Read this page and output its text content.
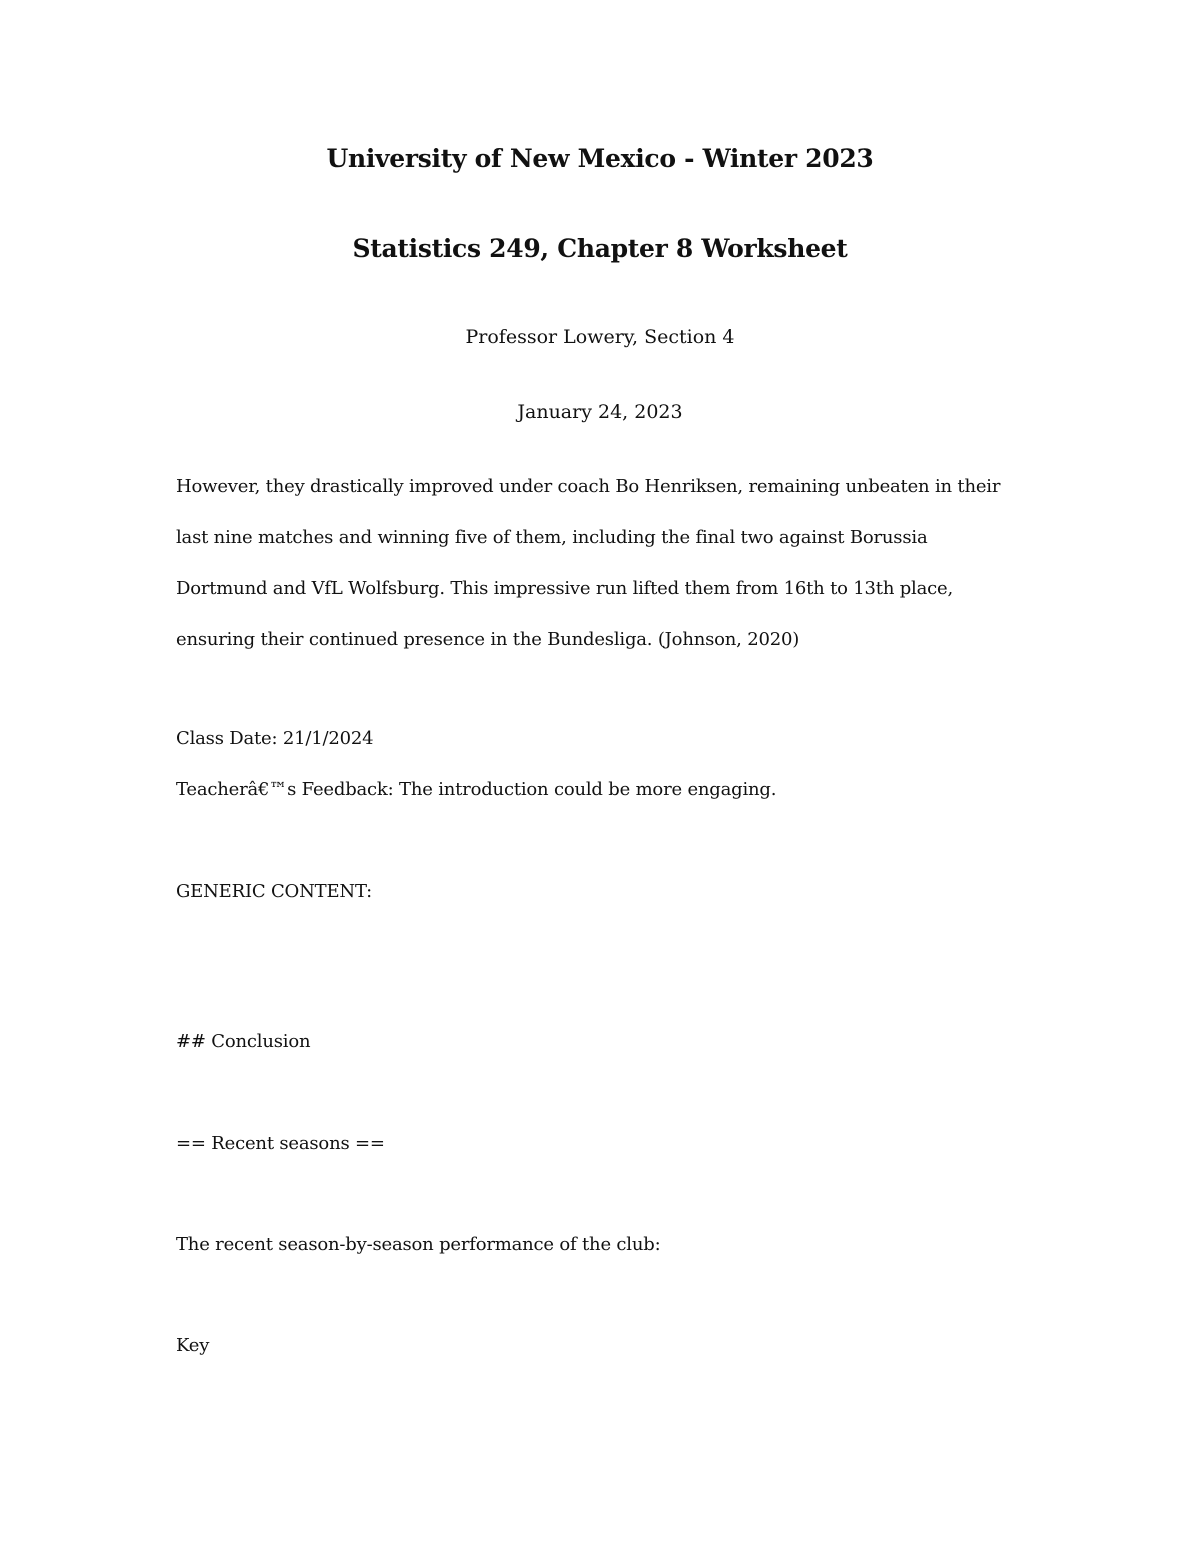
University of New Mexico - Winter 2023
Statistics 249, Chapter 8 Worksheet
Professor Lowery, Section 4
January 24, 2023
However, they drastically improved under coach Bo Henriksen, remaining unbeaten in their
last nine matches and winning five of them, including the final two against Borussia
Dortmund and VfL Wolfsburg. This impressive run lifted them from 16th to 13th place,
ensuring their continued presence in the Bundesliga. (Johnson, 2020)
Class Date: 21/1/2024
Teacherâ€™s Feedback: The introduction could be more engaging.
GENERIC CONTENT:
## Conclusion
== Recent seasons ==
The recent season-by-season performance of the club:
Key
